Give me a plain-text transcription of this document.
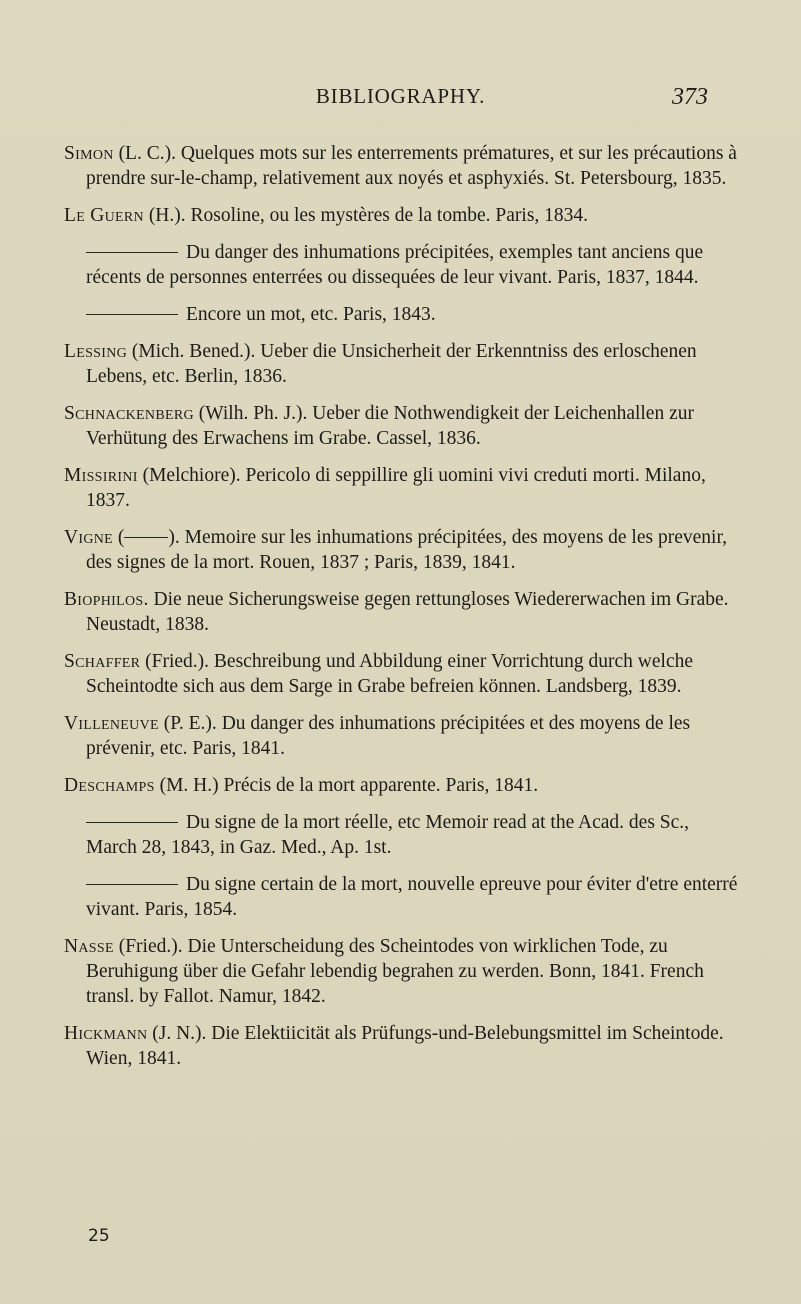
BIBLIOGRAPHY.	373

Simon (L. C.). Quelques mots sur les enterrements prématures, et sur les précautions à prendre sur-le-champ, relativement aux noyés et asphyxiés. St. Petersbourg, 1835.

Le Guern (H.). Rosoline, ou les mystères de la tombe. Paris, 1834.

Du danger des inhumations précipitées, exemples tant anciens que récents de personnes enterrées ou dissequées de leur vivant. Paris, 1837, 1844.

Encore un mot, etc. Paris, 1843.

Lessing (Mich. Bened.). Ueber die Unsicherheit der Erkenntniss des erloschenen Lebens, etc. Berlin, 1836.

Schnackenberg (Wilh. Ph. J.). Ueber die Nothwendigkeit der Leichenhallen zur Verhütung des Erwachens im Grabe. Cassel, 1836.

Missirini (Melchiore). Pericolo di seppillire gli uomini vivi creduti morti. Milano, 1837.

Vigne ( ). Memoire sur les inhumations précipitées, des moyens de les prevenir, des signes de la mort. Rouen, 1837 ; Paris, 1839, 1841.

Biophilos. Die neue Sicherungsweise gegen rettungloses Wiedererwachen im Grabe. Neustadt, 1838.

Schaffer (Fried.). Beschreibung und Abbildung einer Vorrichtung durch welche Scheintodte sich aus dem Sarge in Grabe befreien können. Landsberg, 1839.

Villeneuve (P. E.). Du danger des inhumations précipitées et des moyens de les prévenir, etc. Paris, 1841.

Deschamps (M. H.) Précis de la mort apparente. Paris, 1841.

Du signe de la mort réelle, etc Memoir read at the Acad. des Sc., March 28, 1843, in Gaz. Med., Ap. 1st.

Du signe certain de la mort, nouvelle epreuve pour éviter d'etre enterré vivant. Paris, 1854.

Nasse (Fried.). Die Unterscheidung des Scheintodes von wirklichen Tode, zu Beruhigung über die Gefahr lebendig begrahen zu werden. Bonn, 1841. French transl. by Fallot. Namur, 1842.

Hickmann (J. N.). Die Elektiicität als Prüfungs-und-Belebungsmittel im Scheintode. Wien, 1841.

25
